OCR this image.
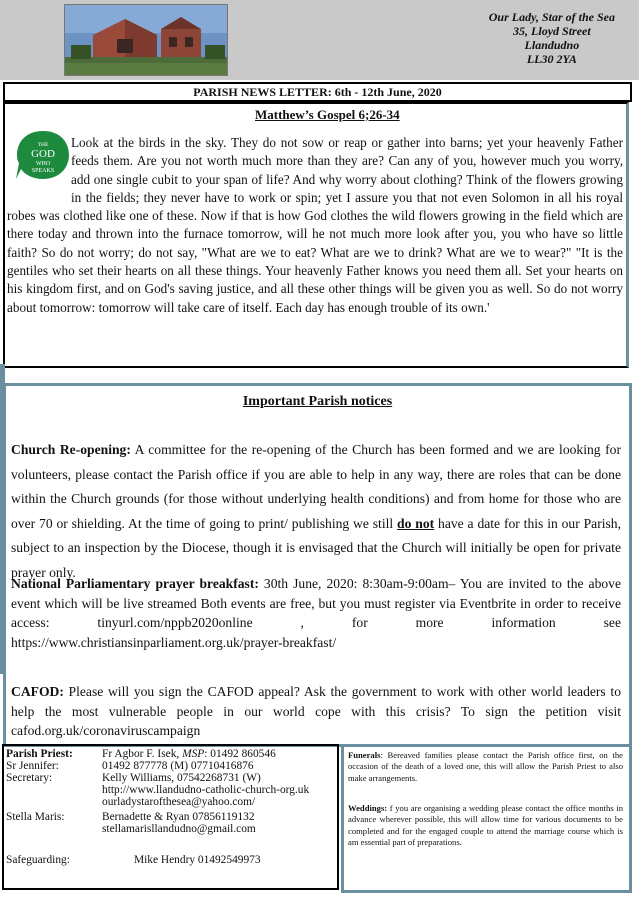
Our Lady, Star of the Sea
35, Lloyd Street
Llandudno
LL30 2YA
PARISH NEWS LETTER: 6th - 12th June, 2020
Matthew’s Gospel 6;26-34
THE
GOD
WHO
SPEAKS

Look at the birds in the sky. They do not sow or reap or gather into barns; yet your heavenly Father feeds them. Are you not worth much more than they are? Can any of you, however much you worry, add one single cubit to your span of life? And why worry about clothing? Think of the flowers growing in the fields; they never have to work or spin; yet I assure you that not even Solomon in all his royal robes was clothed like one of these. Now if that is how God clothes the wild flowers growing in the field which are there today and thrown into the furnace tomorrow, will he not much more look after you, you who have so little faith? So do not worry; do not say, "What are we to eat? What are we to drink? What are we to wear?" "It is the gentiles who set their hearts on all these things. Your heavenly Father knows you need them all. Set your hearts on his kingdom first, and on God's saving justice, and all these other things will be given you as well. So do not worry about tomorrow: tomorrow will take care of itself. Each day has enough trouble of its own.'

Important Parish notices

Church Re-opening: A committee for the re-opening of the Church has been formed and we are looking for volunteers, please contact the Parish office if you are able to help in any way, there are roles that can be done within the Church grounds (for those without underlying health conditions) and from home for those who are over 70 or shielding. At the time of going to print/ publishing we still do not have a date for this in our Parish, subject to an inspection by the Diocese, though it is envisaged that the Church will initially be open for private prayer only.

National Parliamentary prayer breakfast: 30th June, 2020: 8:30am-9:00am– You are invited to the above event which will be live streamed Both events are free, but you must register via Eventbrite in order to receive access: tinyurl.com/nppb2020online , for more information see https://www.christiansinparliament.org.uk/prayer-breakfast/

CAFOD: Please will you sign the CAFOD appeal? Ask the government to work with other world leaders to help the most vulnerable people in our world cope with this crisis? To sign the petition visit cafod.org.uk/coronaviruscampaign

Parish Priest:	Fr Agbor F. Isek, MSP: 01492 860546
Sr Jennifer:	01492 877778 (M) 07710416876
Secretary:	Kelly Williams, 07542268731 (W)
http://www.llandudno-catholic-church-org.uk
ourladystarofthesea@yahoo.com/
Stella Maris:	Bernadette & Ryan 07856119132
stellamarisllandudno@gmail.com
Safeguarding:	Mike Hendry 01492549973

Funerals: Bereaved families please contact the Parish office first, on the occasion of the death of a loved one, this will allow the Parish Priest to also make arrangements.

Weddings: f you are organising a wedding please contact the office months in advance wherever possible, this will allow time for various documents to be completed and for the engaged couple to attend the marriage course which is am essential part of preparations.
